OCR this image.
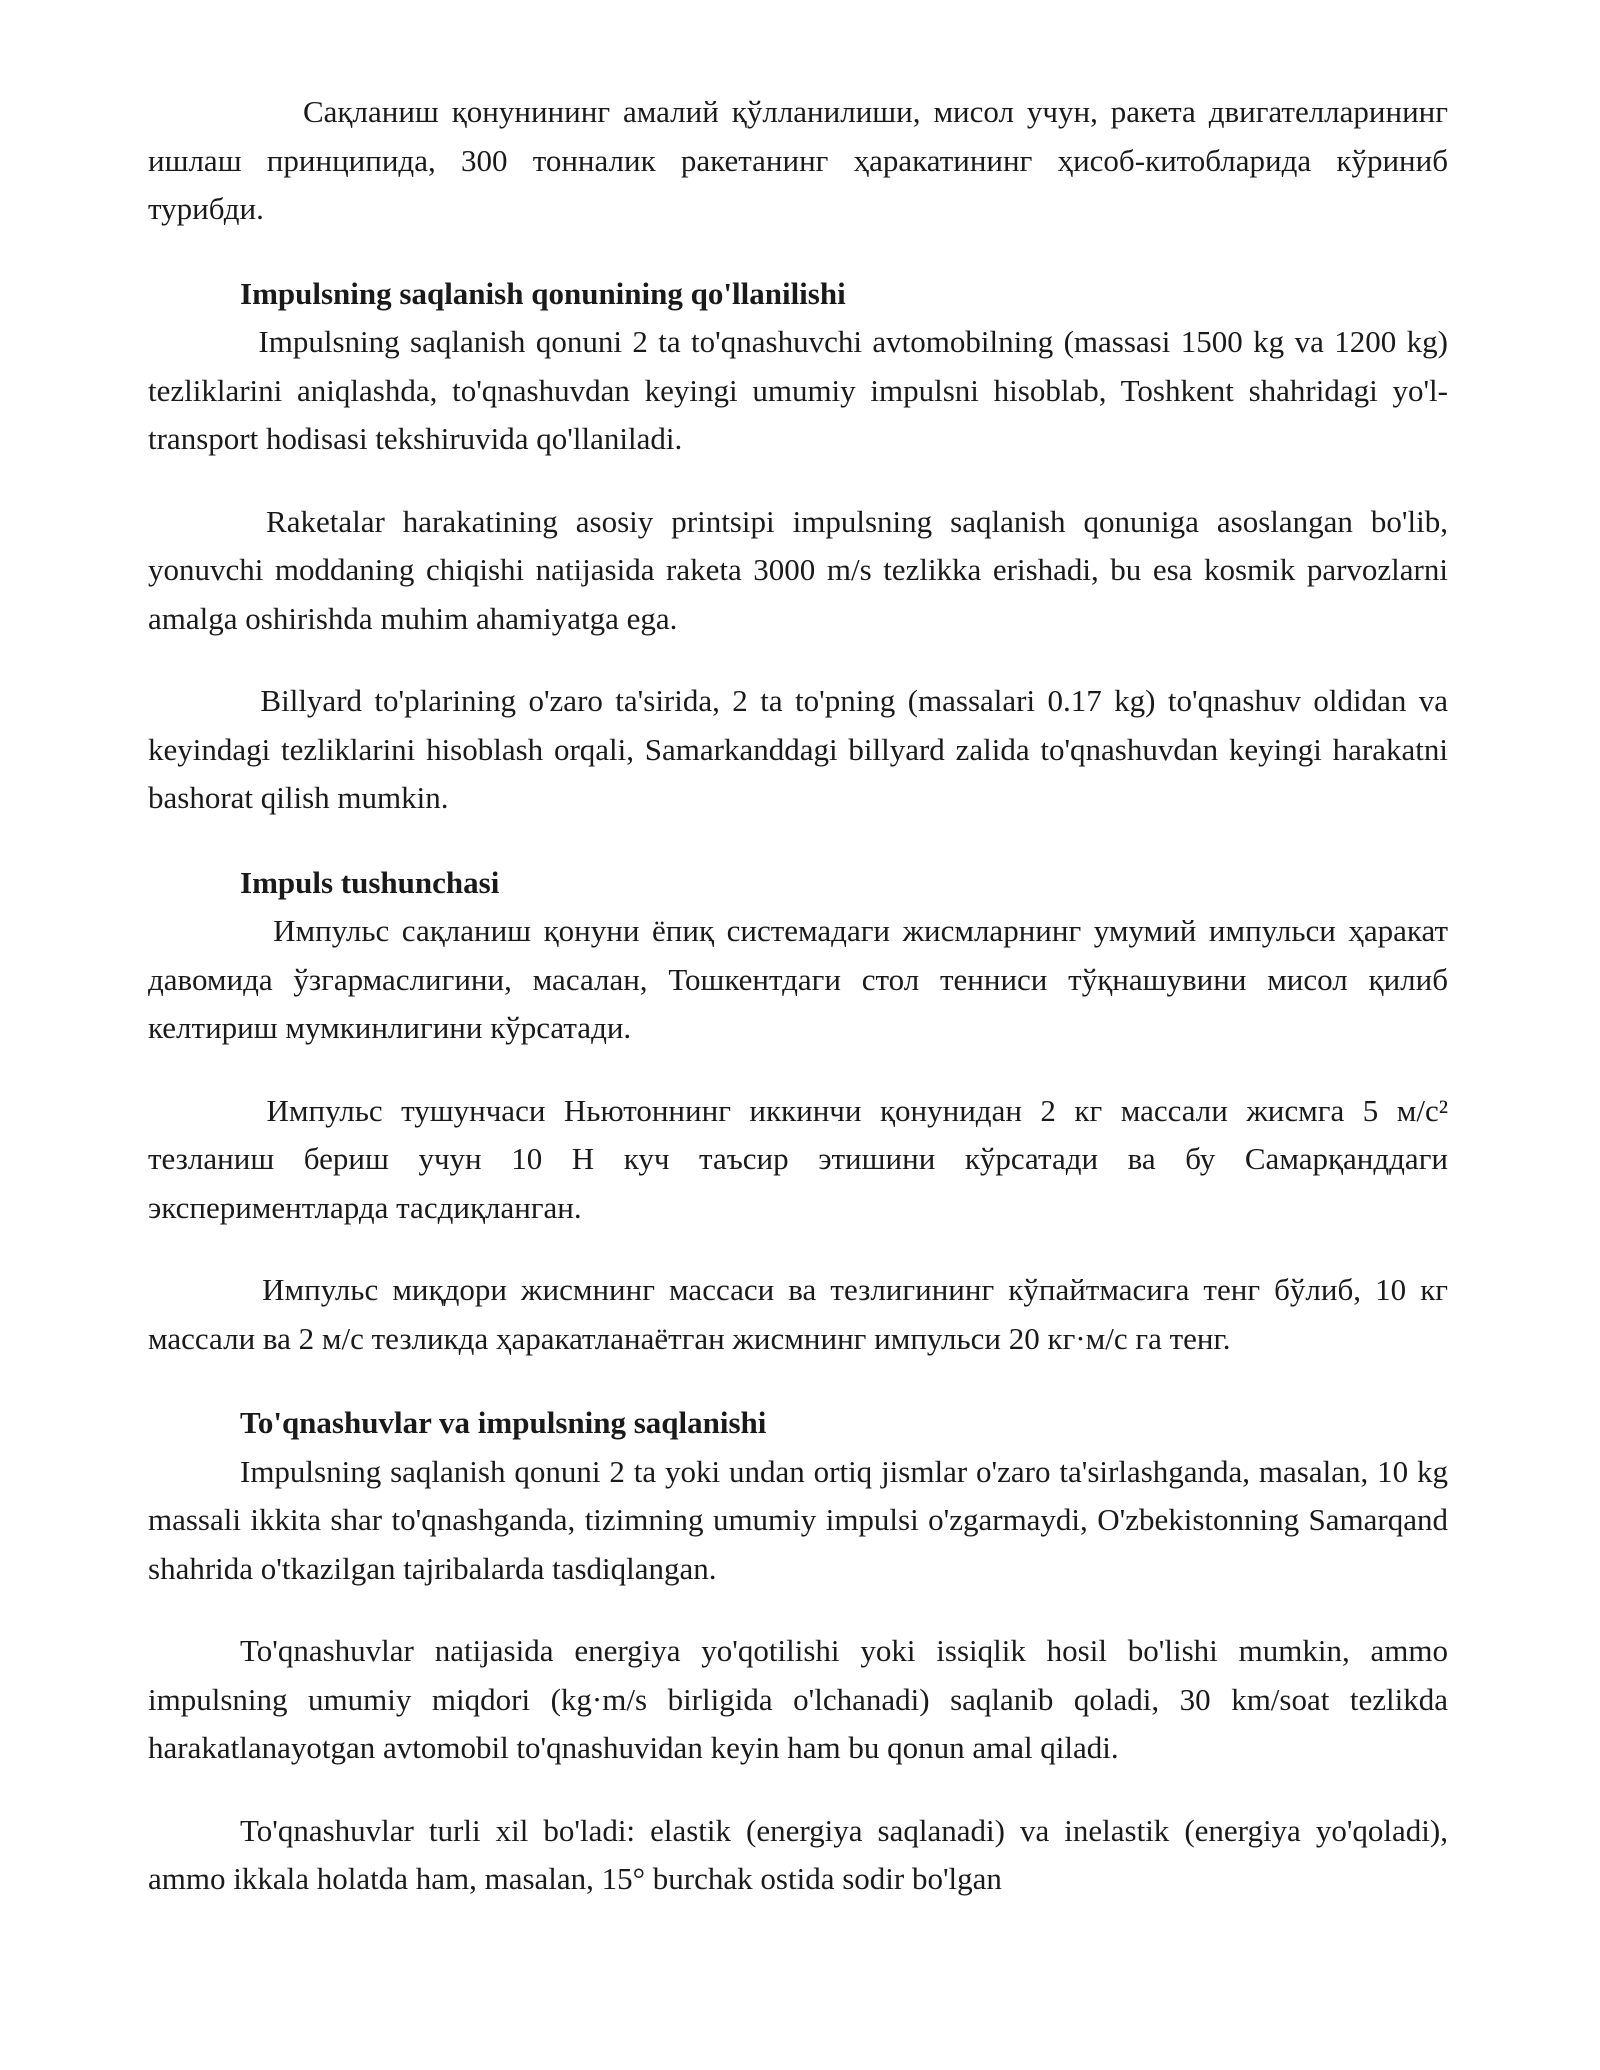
Сақланиш қонунининг амалий қўлланилиши, мисол учун, ракета двигателларининг ишлаш принципида, 300 тонналик ракетанинг ҳаракатининг ҳисоб-китобларида кўриниб турибди.

Impulsning saqlanish qonunining qo'llanilishi

Impulsning saqlanish qonuni 2 ta to'qnashuvchi avtomobilning (massasi 1500 kg va 1200 kg) tezliklarini aniqlashda, to'qnashuvdan keyingi umumiy impulsni hisoblab, Toshkent shahridagi yo'l-transport hodisasi tekshiruvida qo'llaniladi.

Raketalar harakatining asosiy printsipi impulsning saqlanish qonuniga asoslangan bo'lib, yonuvchi moddaning chiqishi natijasida raketa 3000 m/s tezlikka erishadi, bu esa kosmik parvozlarni amalga oshirishda muhim ahamiyatga ega.

Billyard to'plarining o'zaro ta'sirida, 2 ta to'pning (massalari 0.17 kg) to'qnashuv oldidan va keyindagi tezliklarini hisoblash orqali, Samarkanddagi billyard zalida to'qnashuvdan keyingi harakatni bashorat qilish mumkin.

Impuls tushunchasi

Импульс сақланиш қонуни ёпиқ системадаги жисмларнинг умумий импульси ҳаракат давомида ўзгармаслигини, масалан, Тошкентдаги стол тенниси тўқнашувини мисол қилиб келтириш мумкинлигини кўрсатади.

Импульс тушунчаси Ньютоннинг иккинчи қонунидан 2 кг массали жисмга 5 м/с² тезланиш бериш учун 10 Н куч таъсир этишини кўрсатади ва бу Самарқанддаги экспериментларда тасдиқланган.

Импульс миқдори жисмнинг массаси ва тезлигининг кўпайтмасига тенг бўлиб, 10 кг массали ва 2 м/с тезликда ҳаракатланаётган жисмнинг импульси 20 кг·м/с га тенг.

To'qnashuvlar va impulsning saqlanishi

Impulsning saqlanish qonuni 2 ta yoki undan ortiq jismlar o'zaro ta'sirlashganda, masalan, 10 kg massali ikkita shar to'qnashganda, tizimning umumiy impulsi o'zgarmaydi, O'zbekistonning Samarqand shahrida o'tkazilgan tajribalarda tasdiqlangan.

To'qnashuvlar natijasida energiya yo'qotilishi yoki issiqlik hosil bo'lishi mumkin, ammo impulsning umumiy miqdori (kg·m/s birligida o'lchanadi) saqlanib qoladi, 30 km/soat tezlikda harakatlanayotgan avtomobil to'qnashuvidan keyin ham bu qonun amal qiladi.

To'qnashuvlar turli xil bo'ladi: elastik (energiya saqlanadi) va inelastik (energiya yo'qoladi), ammo ikkala holatda ham, masalan, 15° burchak ostida sodir bo'lgan
